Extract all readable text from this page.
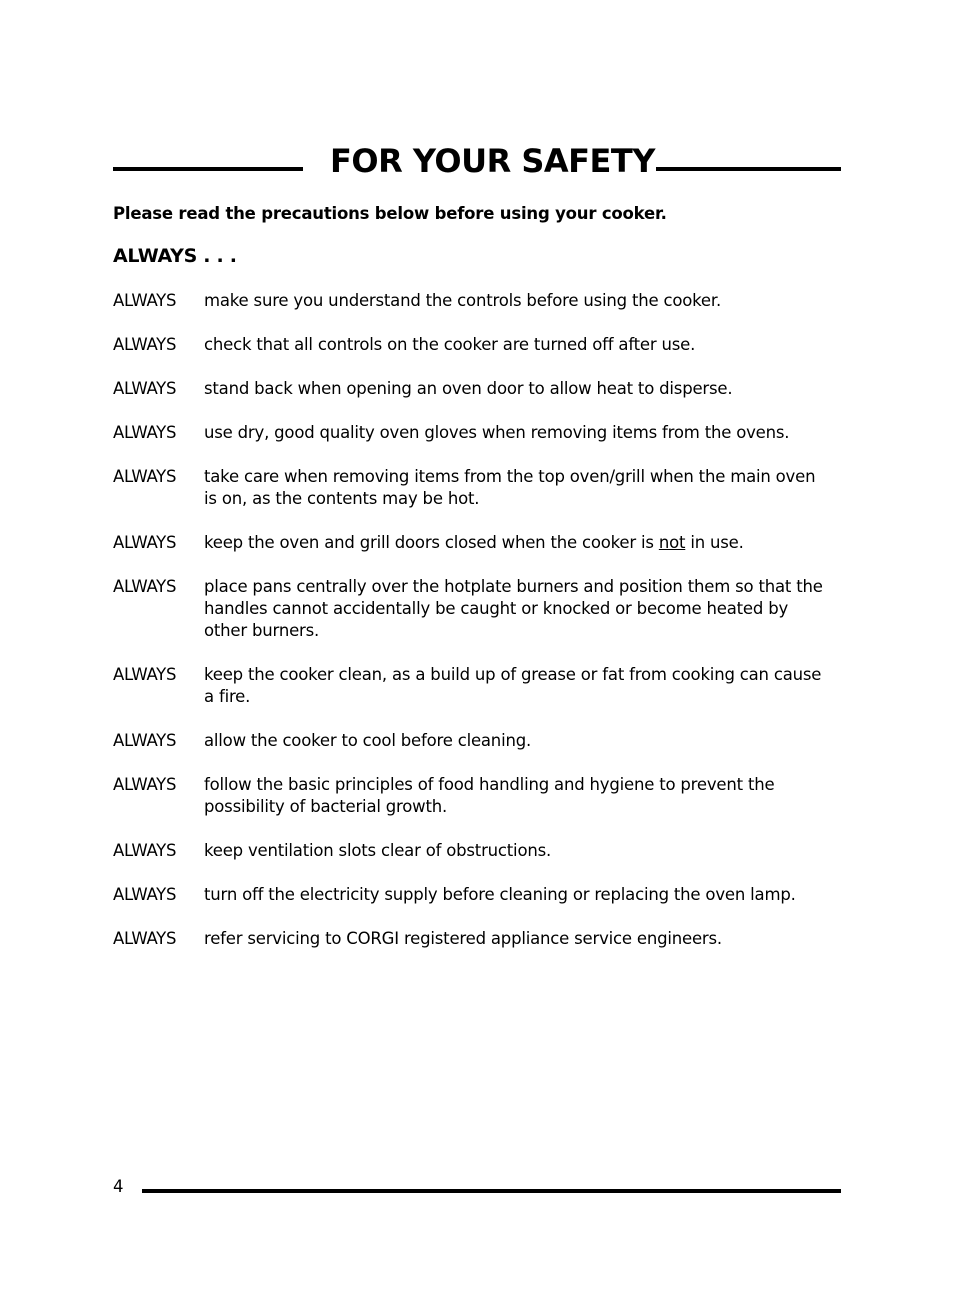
FOR YOUR SAFETY

Please read the precautions below before using your cooker.

ALWAYS . . .
ALWAYS make sure you understand the controls before using the cooker.
ALWAYS check that all controls on the cooker are turned off after use.
ALWAYS stand back when opening an oven door to allow heat to disperse.
ALWAYS use dry, good quality oven gloves when removing items from the ovens.
ALWAYS take care when removing items from the top oven/grill when the main oven is on, as the contents may be hot.
ALWAYS keep the oven and grill doors closed when the cooker is not in use.
ALWAYS place pans centrally over the hotplate burners and position them so that the handles cannot accidentally be caught or knocked or become heated by other burners.
ALWAYS keep the cooker clean, as a build up of grease or fat from cooking can cause a fire.
ALWAYS allow the cooker to cool before cleaning.
ALWAYS follow the basic principles of food handling and hygiene to prevent the possibility of bacterial growth.
ALWAYS keep ventilation slots clear of obstructions.
ALWAYS turn off the electricity supply before cleaning or replacing the oven lamp.
ALWAYS refer servicing to CORGI registered appliance service engineers.
4
